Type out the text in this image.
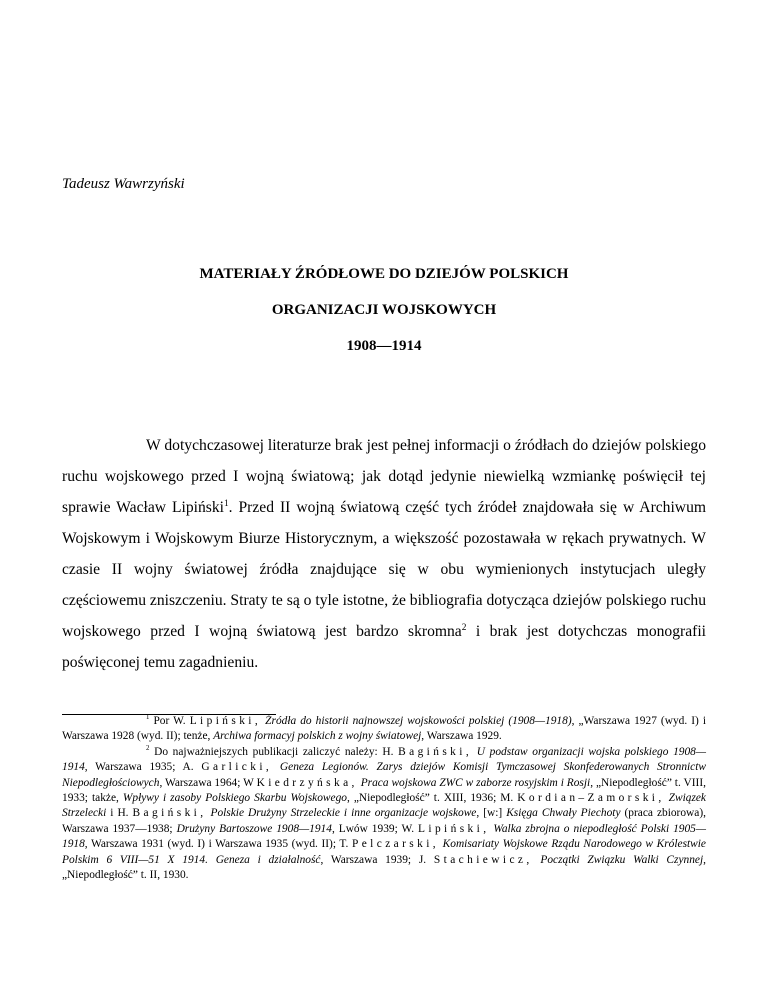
Tadeusz Wawrzyński
MATERIAŁY ŹRÓDŁOWE DO DZIEJÓW POLSKICH
ORGANIZACJI WOJSKOWYCH
1908—1914

W dotychczasowej literaturze brak jest pełnej informacji o źródłach do dziejów polskiego ruchu wojskowego przed I wojną światową; jak dotąd jedynie niewielką wzmiankę poświęcił tej sprawie Wacław Lipiński$^1$. Przed II wojną światową część tych źródeł znajdowała się w Archiwum Wojskowym i Wojskowym Biurze Historycznym, a większość pozostawała w rękach prywatnych. W czasie II wojny światowej źródła znajdujące się w obu wymienionych instytucjach uległy częściowemu zniszczeniu. Straty te są o tyle istotne, że bibliografia dotycząca dziejów polskiego ruchu wojskowego przed I wojną światową jest bardzo skromna$^2$ i brak jest dotychczas monografii poświęconej temu zagadnieniu.

$^1$ Por W. Lipiński, Źródła do historii najnowszej wojskowości polskiej (1908—1918), „Warszawa 1927 (wyd. I) i Warszawa 1928 (wyd. II); tenże, Archiwa formacyj polskich z wojny światowej, Warszawa 1929.

$^2$ Do najważniejszych publikacji zaliczyć należy: H. Bagiński, U podstaw organizacji wojska polskiego 1908—1914, Warszawa 1935; A. Garlicki, Geneza Legionów. Zarys dziejów Komisji Tymczasowej Skonfederowanych Stronnictw Niepodległościowych, Warszawa 1964; W Kiedrzyńska, Praca wojskowa ZWC w zaborze rosyjskim i Rosji, „Niepodległość” t. VIII, 1933; także, Wpływy i zasoby Polskiego Skarbu Wojskowego, „Niepodległość” t. XIII, 1936; M. Kordian–Zamorski, Związek Strzelecki i H. Bagiński, Polskie Drużyny Strzeleckie i inne organizacje wojskowe, [w:] Księga Chwały Piechoty (praca zbiorowa), Warszawa 1937—1938; Drużyny Bartoszowe 1908—1914, Lwów 1939; W. Lipiński, Walka zbrojna o niepodległość Polski 1905—1918, Warszawa 1931 (wyd. I) i Warszawa 1935 (wyd. II); T. Pelczarski, Komisariaty Wojskowe Rządu Narodowego w Królestwie Polskim 6 VIII—51 X 1914. Geneza i działalność, Warszawa 1939; J. Stachiewicz, Początki Związku Walki Czynnej, „Niepodległość” t. II, 1930.
